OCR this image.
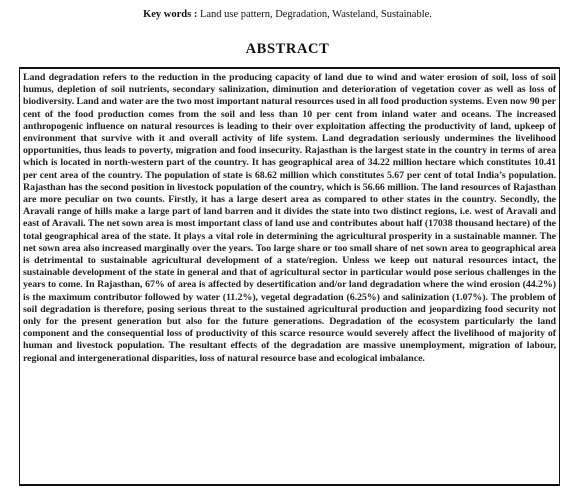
Key words : Land use pattern, Degradation, Wasteland, Sustainable.
ABSTRACT

Land degradation refers to the reduction in the producing capacity of land due to wind and water erosion of soil, loss of soil humus, depletion of soil nutrients, secondary salinization, diminution and deterioration of vegetation cover as well as loss of biodiversity. Land and water are the two most important natural resources used in all food production systems. Even now 90 per cent of the food production comes from the soil and less than 10 per cent from inland water and oceans. The increased anthropogenic influence on natural resources is leading to their over exploitation affecting the productivity of land, upkeep of environment that survive with it and overall activity of life system. Land degradation seriously undermines the livelihood opportunities, thus leads to poverty, migration and food insecurity. Rajasthan is the largest state in the country in terms of area which is located in north-western part of the country. It has geographical area of 34.22 million hectare which constitutes 10.41 per cent area of the country. The population of state is 68.62 million which constitutes 5.67 per cent of total India’s population. Rajasthan has the second position in livestock population of the country, which is 56.66 million. The land resources of Rajasthan are more peculiar on two counts. Firstly, it has a large desert area as compared to other states in the country. Secondly, the Aravali range of hills make a large part of land barren and it divides the state into two distinct regions, i.e. west of Aravali and east of Aravali. The net sown area is most important class of land use and contributes about half (17038 thousand hectare) of the total geographical area of the state. It plays a vital role in determining the agricultural prosperity in a sustainable manner. The net sown area also increased marginally over the years. Too large share or too small share of net sown area to geographical area is detrimental to sustainable agricultural development of a state/region. Unless we keep out natural resources intact, the sustainable development of the state in general and that of agricultural sector in particular would pose serious challenges in the years to come. In Rajasthan, 67% of area is affected by desertification and/or land degradation where the wind erosion (44.2%) is the maximum contributor followed by water (11.2%), vegetal degradation (6.25%) and salinization (1.07%). The problem of soil degradation is therefore, posing serious threat to the sustained agricultural production and jeopardizing food security not only for the present generation but also for the future generations. Degradation of the ecosystem particularly the land component and the consequential loss of productivity of this scarce resource would severely affect the livelihood of majority of human and livestock population. The resultant effects of the degradation are massive unemployment, migration of labour, regional and intergenerational disparities, loss of natural resource base and ecological imbalance.
